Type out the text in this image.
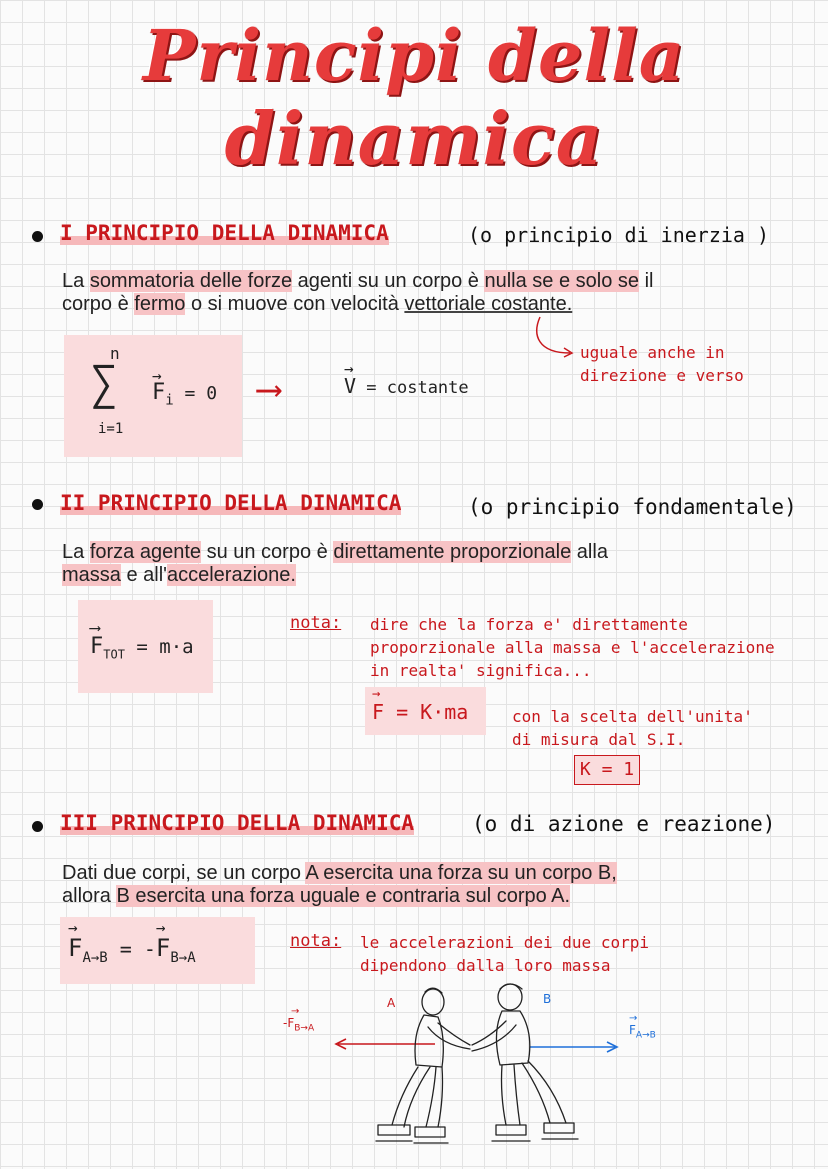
Principi della
dinamica
I PRINCIPIO DELLA DINAMICA	(o principio di inerzia )
La sommatoria delle forze agenti su un corpo è nulla se e solo se il
corpo è fermo o si muove con velocità vettoriale costante.
uguale anche in
direzione e verso
n
∑
i=1
→
$F_i = 0$ ⟶
→
V = costante
II PRINCIPIO DELLA DINAMICA	(o principio fondamentale)
La forza agente su un corpo è direttamente proporzionale alla
massa e all'accelerazione.
⟶
$F_{TOT} = m\cdot a$
nota: dire che la forza e' direttamente
proporzionale alla massa e l'accelerazione
in realta' significa...
→
F = K·ma	con la scelta dell'unita'
di misura dal S.I.
K = 1
III PRINCIPIO DELLA DINAMICA	(o di azione e reazione)
Dati due corpi, se un corpo A esercita una forza su un corpo B,
allora B esercita una forza uguale e contraria sul corpo A.
→
$F_{A\to B}$ = -
→
$F_{B\to A}$
nota: le accelerazioni dei due corpi
dipendono dalla loro massa
A	B
-F
→
$_{B\to A}$	F
→
$_{A\to B}$
